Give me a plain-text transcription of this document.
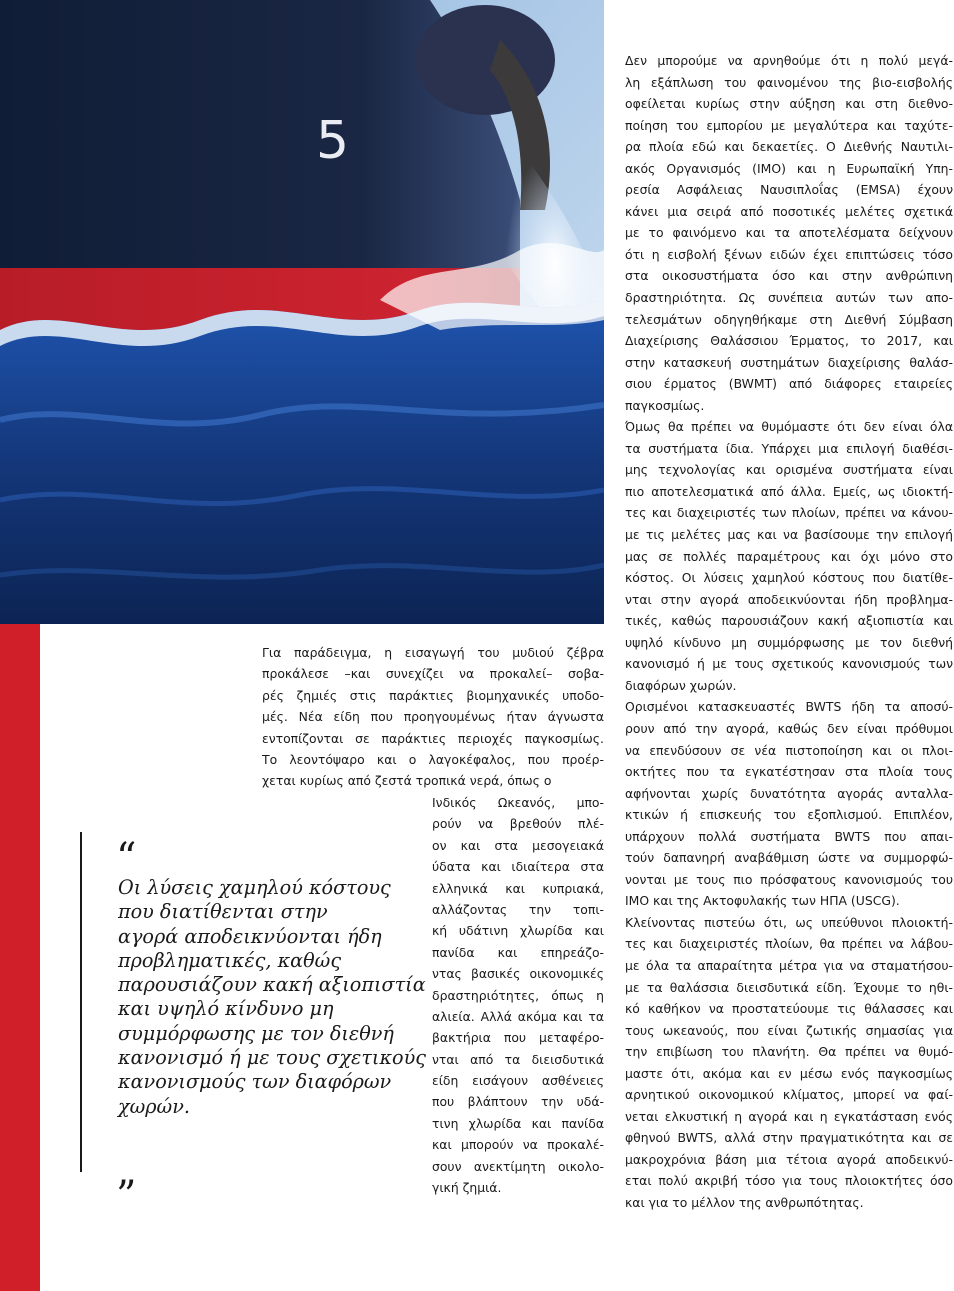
5
“

Οι λύσεις χαμηλού κόστους
που διατίθενται στην
αγορά αποδεικνύονται ήδη
προβληματικές, καθώς
παρουσιάζουν κακή αξιοπιστία
και υψηλό κίνδυνο μη
συμμόρφωσης με τον διεθνή
κανονισμό ή με τους σχετικούς
κανονισμούς των διαφόρων
χωρών.

”
Για παράδειγμα, η εισαγωγή του μυδιού ζέβρα
προκάλεσε –και συνεχίζει να προκαλεί– σοβα-
ρές ζημιές στις παράκτιες βιομηχανικές υποδο-
μές. Νέα είδη που προηγουμένως ήταν άγνωστα
εντοπίζονται σε παράκτιες περιοχές παγκοσμίως.
Το λεοντόψαρο και ο λαγοκέφαλος, που προέρ-
χεται κυρίως από ζεστά τροπικά νερά, όπως ο
Ινδικός Ωκεανός, μπο-
ρούν να βρεθούν πλέ-
ον και στα μεσογειακά
ύδατα και ιδιαίτερα στα
ελληνικά και κυπριακά,
αλλάζοντας την τοπι-
κή υδάτινη χλωρίδα και
πανίδα και επηρεάζο-
ντας βασικές οικονομικές
δραστηριότητες, όπως η
αλιεία. Αλλά ακόμα και τα
βακτήρια που μεταφέρο-
νται από τα διεισδυτικά
είδη εισάγουν ασθένειες
που βλάπτουν την υδά-
τινη χλωρίδα και πανίδα
και μπορούν να προκαλέ-
σουν ανεκτίμητη οικολο-
γική ζημιά.
Δεν μπορούμε να αρνηθούμε ότι η πολύ μεγά-
λη εξάπλωση του φαινομένου της βιο-εισβολής
οφείλεται κυρίως στην αύξηση και στη διεθνο-
ποίηση του εμπορίου με μεγαλύτερα και ταχύτε-
ρα πλοία εδώ και δεκαετίες. Ο Διεθνής Ναυτιλι-
ακός Οργανισμός (IMO) και η Ευρωπαϊκή Υπη-
ρεσία Ασφάλειας Ναυσιπλοΐας (EMSA) έχουν
κάνει μια σειρά από ποσοτικές μελέτες σχετικά
με το φαινόμενο και τα αποτελέσματα δείχνουν
ότι η εισβολή ξένων ειδών έχει επιπτώσεις τόσο
στα οικοσυστήματα όσο και στην ανθρώπινη
δραστηριότητα. Ως συνέπεια αυτών των απο-
τελεσμάτων οδηγηθήκαμε στη Διεθνή Σύμβαση
Διαχείρισης Θαλάσσιου Έρματος, το 2017, και
στην κατασκευή συστημάτων διαχείρισης θαλάσ-
σιου έρματος (BWMT) από διάφορες εταιρείες
παγκοσμίως.
Όμως θα πρέπει να θυμόμαστε ότι δεν είναι όλα
τα συστήματα ίδια. Υπάρχει μια επιλογή διαθέσι-
μης τεχνολογίας και ορισμένα συστήματα είναι
πιο αποτελεσματικά από άλλα. Εμείς, ως ιδιοκτή-
τες και διαχειριστές των πλοίων, πρέπει να κάνου-
με τις μελέτες μας και να βασίσουμε την επιλογή
μας σε πολλές παραμέτρους και όχι μόνο στο
κόστος. Οι λύσεις χαμηλού κόστους που διατίθε-
νται στην αγορά αποδεικνύονται ήδη προβλημα-
τικές, καθώς παρουσιάζουν κακή αξιοπιστία και
υψηλό κίνδυνο μη συμμόρφωσης με τον διεθνή
κανονισμό ή με τους σχετικούς κανονισμούς των
διαφόρων χωρών.
Ορισμένοι κατασκευαστές BWTS ήδη τα αποσύ-
ρουν από την αγορά, καθώς δεν είναι πρόθυμοι
να επενδύσουν σε νέα πιστοποίηση και οι πλοι-
οκτήτες που τα εγκατέστησαν στα πλοία τους
αφήνονται χωρίς δυνατότητα αγοράς ανταλλα-
κτικών ή επισκευής του εξοπλισμού. Επιπλέον,
υπάρχουν πολλά συστήματα BWTS που απαι-
τούν δαπανηρή αναβάθμιση ώστε να συμμορφώ-
νονται με τους πιο πρόσφατους κανονισμούς του
IMO και της Ακτοφυλακής των ΗΠΑ (USCG).
Κλείνοντας πιστεύω ότι, ως υπεύθυνοι πλοιοκτή-
τες και διαχειριστές πλοίων, θα πρέπει να λάβου-
με όλα τα απαραίτητα μέτρα για να σταματήσου-
με τα θαλάσσια διεισδυτικά είδη. Έχουμε το ηθι-
κό καθήκον να προστατεύουμε τις θάλασσες και
τους ωκεανούς, που είναι ζωτικής σημασίας για
την επιβίωση του πλανήτη. Θα πρέπει να θυμό-
μαστε ότι, ακόμα και εν μέσω ενός παγκοσμίως
αρνητικού οικονομικού κλίματος, μπορεί να φαί-
νεται ελκυστική η αγορά και η εγκατάσταση ενός
φθηνού BWTS, αλλά στην πραγματικότητα και σε
μακροχρόνια βάση μια τέτοια αγορά αποδεικνύ-
εται πολύ ακριβή τόσο για τους πλοιοκτήτες όσο
και για το μέλλον της ανθρωπότητας.
